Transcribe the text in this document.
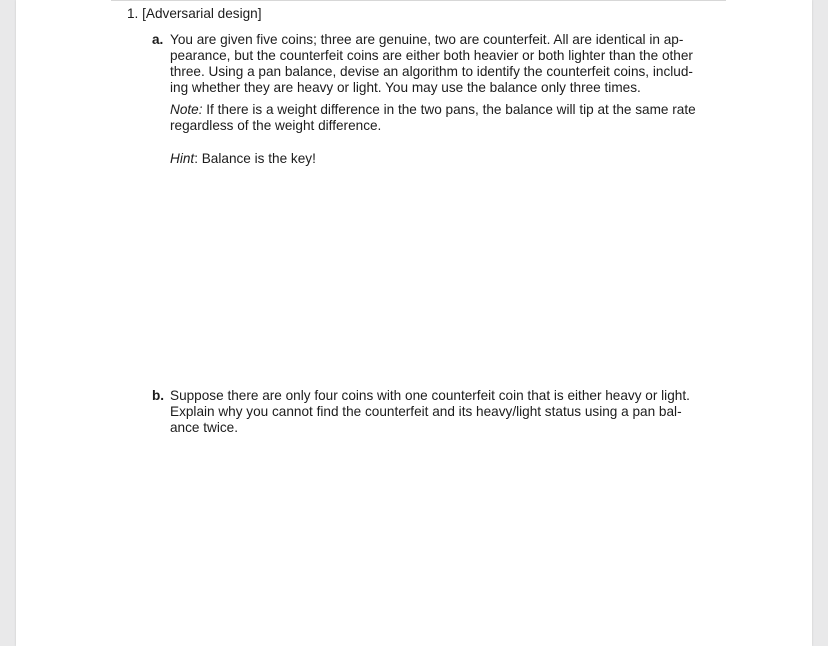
1. [Adversarial design]
a. You are given five coins; three are genuine, two are counterfeit. All are identical in ap-
pearance, but the counterfeit coins are either both heavier or both lighter than the other
three. Using a pan balance, devise an algorithm to identify the counterfeit coins, includ-
ing whether they are heavy or light. You may use the balance only three times.
Note: If there is a weight difference in the two pans, the balance will tip at the same rate
regardless of the weight difference.
Hint: Balance is the key!
b. Suppose there are only four coins with one counterfeit coin that is either heavy or light.
Explain why you cannot find the counterfeit and its heavy/light status using a pan bal-
ance twice.
